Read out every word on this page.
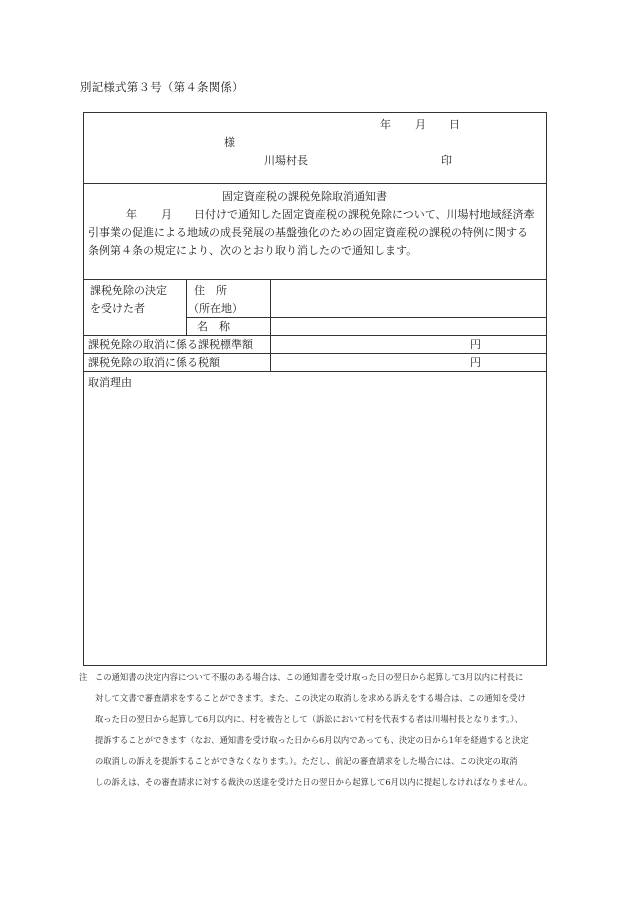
別記様式第３号（第４条関係）
年 月 日
様
川場村長	印
固定資産税の課税免除取消通知書
年 月 日付けで通知した固定資産税の課税免除について、川場村地域経済牽
引事業の促進による地域の成長発展の基盤強化のための固定資産税の課税の特例に関する
条例第４条の規定により、次のとおり取り消したので通知します。
課税免除の決定
を受けた者
住　所
（所在地）
名　称
課税免除の取消に係る課税標準額	円
課税免除の取消に係る税額	円
取消理由
注 この通知書の決定内容について不服のある場合は、この通知書を受け取った日の翌日から起算して3月以内に村長に
対して文書で審査請求をすることができます。また、この決定の取消しを求める訴えをする場合は、この通知を受け
取った日の翌日から起算して6月以内に、村を被告として（訴訟において村を代表する者は川場村長となります。）、
提訴することができます（なお、通知書を受け取った日から6月以内であっても、決定の日から1年を経過すると決定
の取消しの訴えを提訴することができなくなります。）。ただし、前記の審査請求をした場合には、この決定の取消
しの訴えは、その審査請求に対する裁決の送達を受けた日の翌日から起算して6月以内に提起しなければなりません。
